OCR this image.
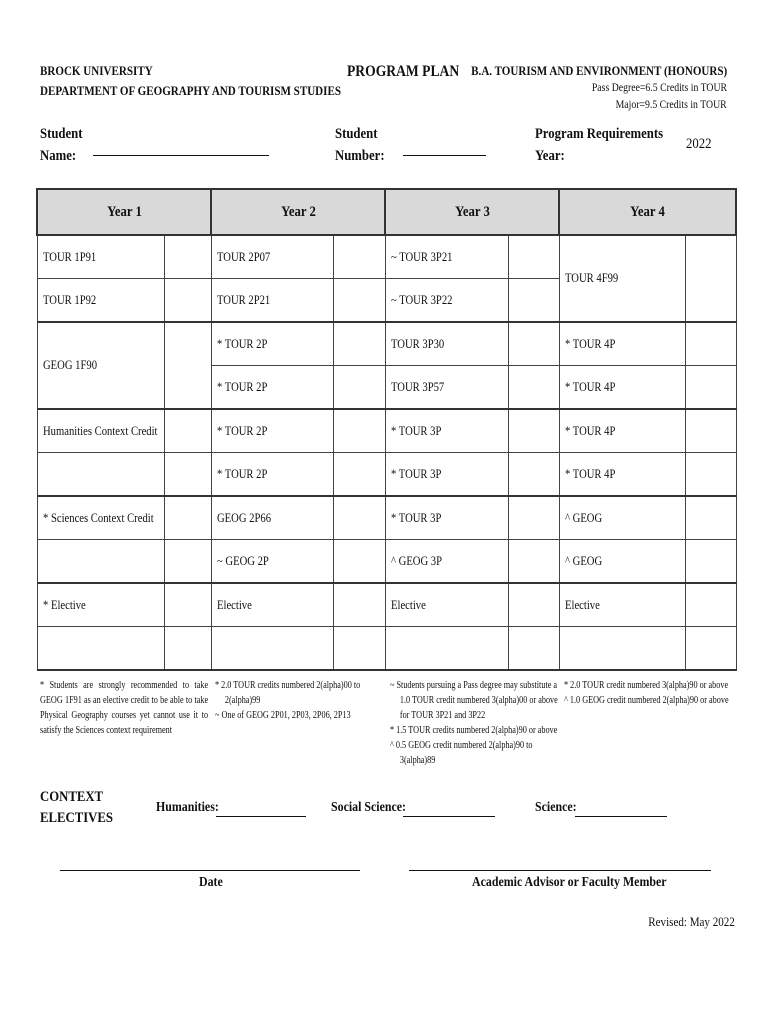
BROCK UNIVERSITY
DEPARTMENT OF GEOGRAPHY AND TOURISM STUDIES
PROGRAM PLAN B.A. TOURISM AND ENVIRONMENT (HONOURS)
Pass Degree=6.5 Credits in TOUR
Major=9.5 Credits in TOUR
Student
Name:
Student
Number:
Program Requirements
Year:
2022
Year 1		Year 2		Year 3		Year 4	
TOUR 1P91		TOUR 2P07		~ TOUR 3P21		TOUR 4F99	
TOUR 1P92		TOUR 2P21		~ TOUR 3P22			
GEOG 1F90		* TOUR 2P		TOUR 3P30		* TOUR 4P	
		* TOUR 2P		TOUR 3P57		* TOUR 4P	
Humanities Context Credit		* TOUR 2P		* TOUR 3P		* TOUR 4P	
		* TOUR 2P		* TOUR 3P		* TOUR 4P	
* Sciences Context Credit		GEOG 2P66		* TOUR 3P		^ GEOG	
		~ GEOG 2P		^ GEOG 3P		^ GEOG	
* Elective		Elective		Elective		Elective	

* Students are strongly recommended to take GEOG 1F91 as an elective credit to be able to take Physical Geography courses yet cannot use it to satisfy the Sciences context requirement

* 2.0 TOUR credits numbered 2(alpha)00 to

2(alpha)99

~ One of GEOG 2P01, 2P03, 2P06, 2P13

~ Students pursuing a Pass degree may substitute a

1.0 TOUR credit numbered 3(alpha)00 or above

for TOUR 3P21 and 3P22

* 1.5 TOUR credits numbered 2(alpha)90 or above

^ 0.5 GEOG credit numbered 2(alpha)90 to

3(alpha)89

* 2.0 TOUR credit numbered 3(alpha)90 or above

^ 1.0 GEOG credit numbered 2(alpha)90 or above

CONTEXT
ELECTIVES
Humanities:	Social Science:	Science:
Date	Academic Advisor or Faculty Member
Revised: May 2022
